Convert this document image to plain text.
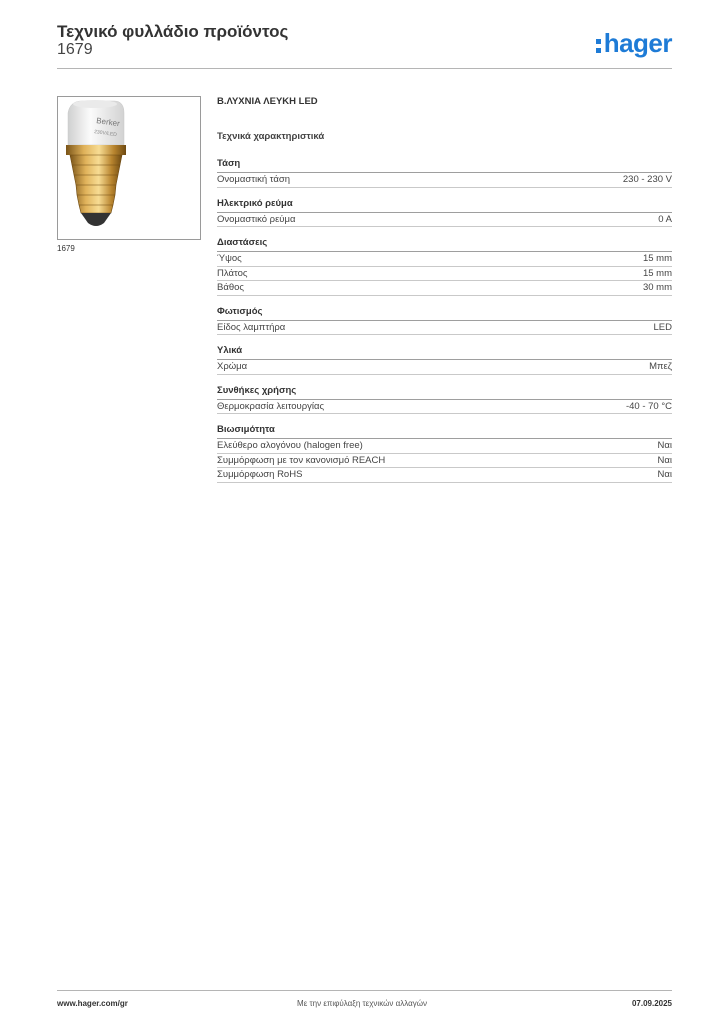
Τεχνικό φυλλάδιο προϊόντος
1679	hager
Berker
230V/LED
1679
B.ΛΥΧΝΙΑ ΛΕΥΚΗ LED
Τεχνικά χαρακτηριστικά
Τάση
Ονομαστική τάση	230 - 230 V
Ηλεκτρικό ρεύμα
Ονομαστικό ρεύμα	0 A
Διαστάσεις
Ύψος	15 mm
Πλάτος	15 mm
Βάθος	30 mm
Φωτισμός
Είδος λαμπτήρα	LED
Υλικά
Χρώμα	Μπεζ
Συνθήκες χρήσης
Θερμοκρασία λειτουργίας	-40 - 70 °C
Βιωσιμότητα
Ελεύθερο αλογόνου (halogen free)	Ναι
Συμμόρφωση με τον κανονισμό REACH	Ναι
Συμμόρφωση RoHS	Ναι
www.hager.com/gr	Με την επιφύλαξη τεχνικών αλλαγών	07.09.2025
